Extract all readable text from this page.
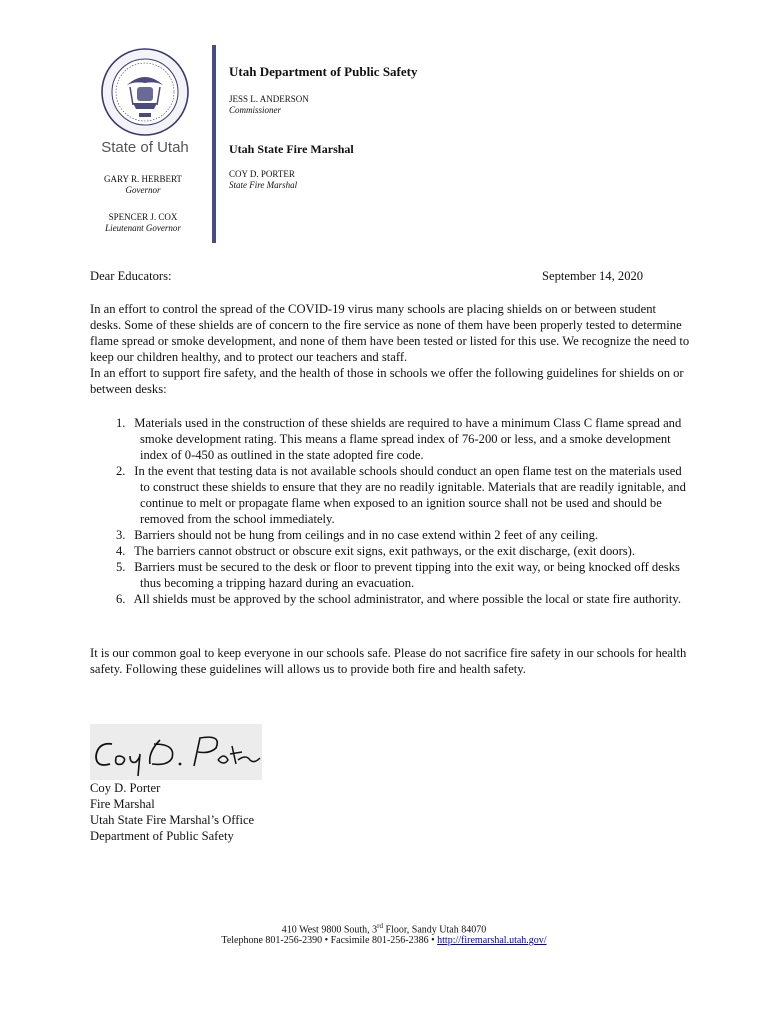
State of Utah
GARY R. HERBERT
Governor
SPENCER J. COX
Lieutenant Governor
Utah Department of Public Safety
JESS L. ANDERSON
Commissioner
Utah State Fire Marshal
COY D. PORTER
State Fire Marshal
Dear Educators:	September 14, 2020
In an effort to control the spread of the COVID-19 virus many schools are placing shields on or between student desks. Some of these shields are of concern to the fire service as none of them have been properly tested to determine flame spread or smoke development, and none of them have been tested or listed for this use. We recognize the need to keep our children healthy, and to protect our teachers and staff.
In an effort to support fire safety, and the health of those in schools we offer the following guidelines for shields on or between desks:
1. Materials used in the construction of these shields are required to have a minimum Class C flame spread and smoke development rating. This means a flame spread index of 76-200 or less, and a smoke development index of 0-450 as outlined in the state adopted fire code.
2. In the event that testing data is not available schools should conduct an open flame test on the materials used to construct these shields to ensure that they are no readily ignitable. Materials that are readily ignitable, and continue to melt or propagate flame when exposed to an ignition source shall not be used and should be removed from the school immediately.
3. Barriers should not be hung from ceilings and in no case extend within 2 feet of any ceiling.
4. The barriers cannot obstruct or obscure exit signs, exit pathways, or the exit discharge, (exit doors).
5. Barriers must be secured to the desk or floor to prevent tipping into the exit way, or being knocked off desks thus becoming a tripping hazard during an evacuation.
6. All shields must be approved by the school administrator, and where possible the local or state fire authority.
It is our common goal to keep everyone in our schools safe. Please do not sacrifice fire safety in our schools for health safety. Following these guidelines will allows us to provide both fire and health safety.
Coy D. Porter
Fire Marshal
Utah State Fire Marshal’s Office
Department of Public Safety
410 West 9800 South, 3rd Floor, Sandy Utah 84070
Telephone 801-256-2390 • Facsimile 801-256-2386 • http://firemarshal.utah.gov/
